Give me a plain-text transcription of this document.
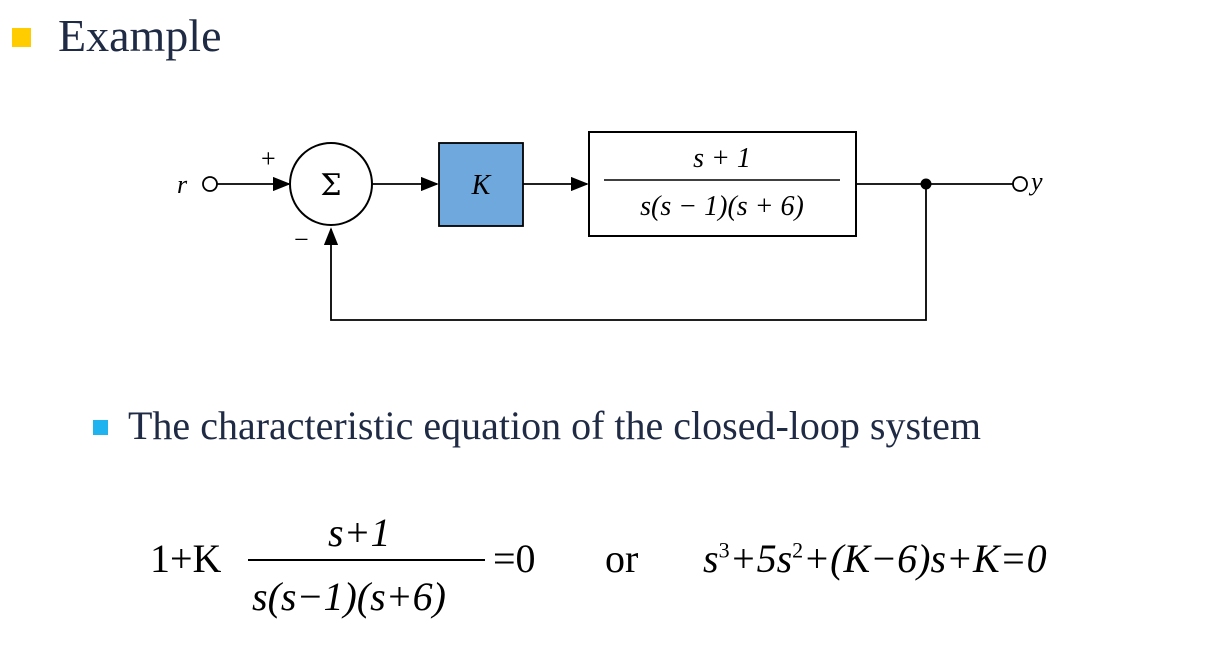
Example
r
+
Σ
−
K
s + 1
s(s − 1)(s + 6)
y
The characteristic equation of the closed-loop system
1+K
s+1
s(s−1)(s+6)
=0 or $s^3+5s^2+(K-6)s+K=0$
